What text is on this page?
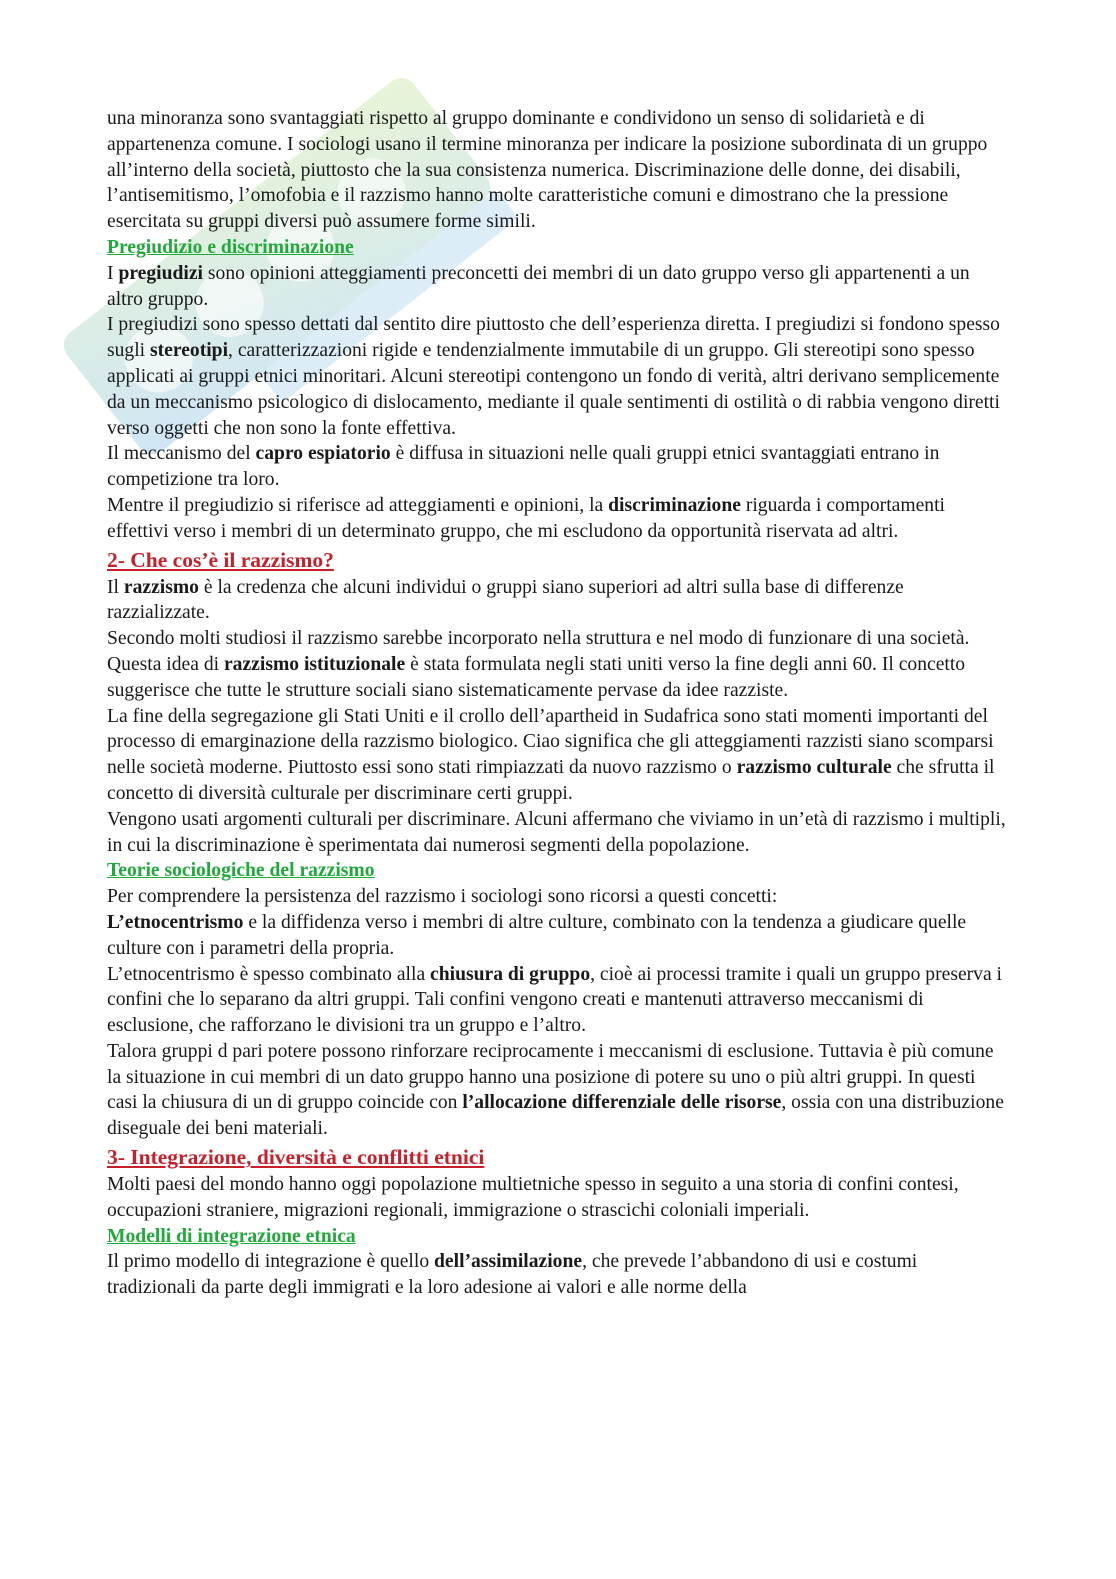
una minoranza sono svantaggiati rispetto al gruppo dominante e condividono un senso di solidarietà e di appartenenza comune. I sociologi usano il termine minoranza per indicare la posizione subordinata di un gruppo all’interno della società, piuttosto che la sua consistenza numerica. Discriminazione delle donne, dei disabili, l’antisemitismo, l’omofobia e il razzismo hanno molte caratteristiche comuni e dimostrano che la pressione esercitata su gruppi diversi può assumere forme simili.

Pregiudizio e discriminazione

I pregiudizi sono opinioni atteggiamenti preconcetti dei membri di un dato gruppo verso gli appartenenti a un altro gruppo.

I pregiudizi sono spesso dettati dal sentito dire piuttosto che dell’esperienza diretta. I pregiudizi si fondono spesso sugli stereotipi, caratterizzazioni rigide e tendenzialmente immutabile di un gruppo. Gli stereotipi sono spesso applicati ai gruppi etnici minoritari. Alcuni stereotipi contengono un fondo di verità, altri derivano semplicemente da un meccanismo psicologico di dislocamento, mediante il quale sentimenti di ostilità o di rabbia vengono diretti verso oggetti che non sono la fonte effettiva.

Il meccanismo del capro espiatorio è diffusa in situazioni nelle quali gruppi etnici svantaggiati entrano in competizione tra loro.

Mentre il pregiudizio si riferisce ad atteggiamenti e opinioni, la discriminazione riguarda i comportamenti effettivi verso i membri di un determinato gruppo, che mi escludono da opportunità riservata ad altri.

2- Che cos’è il razzismo?

Il razzismo è la credenza che alcuni individui o gruppi siano superiori ad altri sulla base di differenze razzializzate.

Secondo molti studiosi il razzismo sarebbe incorporato nella struttura e nel modo di funzionare di una società. Questa idea di razzismo istituzionale è stata formulata negli stati uniti verso la fine degli anni 60. Il concetto suggerisce che tutte le strutture sociali siano sistematicamente pervase da idee razziste.

La fine della segregazione gli Stati Uniti e il crollo dell’apartheid in Sudafrica sono stati momenti importanti del processo di emarginazione della razzismo biologico. Ciao significa che gli atteggiamenti razzisti siano scomparsi nelle società moderne. Piuttosto essi sono stati rimpiazzati da nuovo razzismo o razzismo culturale che sfrutta il concetto di diversità culturale per discriminare certi gruppi.

Vengono usati argomenti culturali per discriminare. Alcuni affermano che viviamo in un’età di razzismo i multipli, in cui la discriminazione è sperimentata dai numerosi segmenti della popolazione.

Teorie sociologiche del razzismo

Per comprendere la persistenza del razzismo i sociologi sono ricorsi a questi concetti:

L’etnocentrismo e la diffidenza verso i membri di altre culture, combinato con la tendenza a giudicare quelle culture con i parametri della propria.

L’etnocentrismo è spesso combinato alla chiusura di gruppo, cioè ai processi tramite i quali un gruppo preserva i confini che lo separano da altri gruppi. Tali confini vengono creati e mantenuti attraverso meccanismi di esclusione, che rafforzano le divisioni tra un gruppo e l’altro.

Talora gruppi d pari potere possono rinforzare reciprocamente i meccanismi di esclusione. Tuttavia è più comune la situazione in cui membri di un dato gruppo hanno una posizione di potere su uno o più altri gruppi. In questi casi la chiusura di un di gruppo coincide con l’allocazione differenziale delle risorse, ossia con una distribuzione diseguale dei beni materiali.

3- Integrazione, diversità e conflitti etnici

Molti paesi del mondo hanno oggi popolazione multietniche spesso in seguito a una storia di confini contesi, occupazioni straniere, migrazioni regionali, immigrazione o strascichi coloniali imperiali.

Modelli di integrazione etnica

Il primo modello di integrazione è quello dell’assimilazione, che prevede l’abbandono di usi e costumi tradizionali da parte degli immigrati e la loro adesione ai valori e alle norme della
